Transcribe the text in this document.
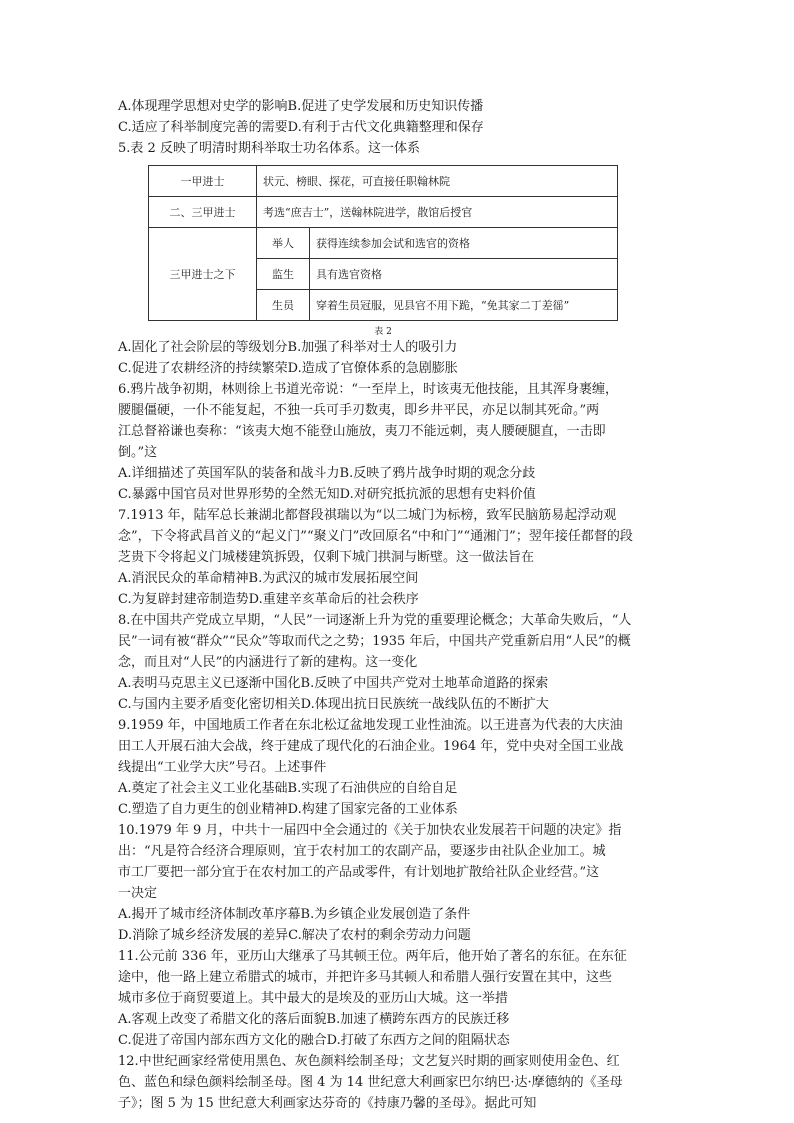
A.体现理学思想对史学的影响B.促进了史学发展和历史知识传播
C.适应了科举制度完善的需要D.有利于古代文化典籍整理和保存
5.表 2 反映了明清时期科举取士功名体系。这一体系
一甲进士	状元、榜眼、探花，可直接任职翰林院	
二、三甲进士	考选“庶吉士”，送翰林院进学，散馆后授官	
三甲进士之下	举人	获得连续参加会试和选官的资格
	监生	具有选官资格
	生员	穿着生员冠服，见县官不用下跪，“免其家二丁差徭”
表 2
A.固化了社会阶层的等级划分B.加强了科举对士人的吸引力
C.促进了农耕经济的持续繁荣D.造成了官僚体系的急剧膨胀
6.鸦片战争初期，林则徐上书道光帝说：“一至岸上，时该夷无他技能，且其浑身裹缠，
腰腿僵硬，一仆不能复起，不独一兵可手刃数夷，即乡井平民，亦足以制其死命。”两
江总督裕谦也奏称：“该夷大炮不能登山施放，夷刀不能远刺，夷人腰硬腿直，一击即
倒。”这
A.详细描述了英国军队的装备和战斗力B.反映了鸦片战争时期的观念分歧
C.暴露中国官员对世界形势的全然无知D.对研究抵抗派的思想有史料价值
7.1913 年，陆军总长兼湖北都督段祺瑞以为“以二城门为标榜，致军民脑筋易起浮动观
念”，下令将武昌首义的“起义门”“聚义门”改回原名“中和门”“通湘门”；翌年接任都督的段
芝贵下令将起义门城楼建筑拆毁，仅剩下城门拱洞与断壁。这一做法旨在
A.消泯民众的革命精神B.为武汉的城市发展拓展空间
C.为复辟封建帝制造势D.重建辛亥革命后的社会秩序
8.在中国共产党成立早期，“人民”一词逐渐上升为党的重要理论概念；大革命失败后，“人
民”一词有被“群众”“民众”等取而代之之势；1935 年后，中国共产党重新启用“人民”的概
念，而且对“人民”的内涵进行了新的建构。这一变化
A.表明马克思主义已逐渐中国化B.反映了中国共产党对土地革命道路的探索
C.与国内主要矛盾变化密切相关D.体现出抗日民族统一战线队伍的不断扩大
9.1959 年，中国地质工作者在东北松辽盆地发现工业性油流。以王进喜为代表的大庆油
田工人开展石油大会战，终于建成了现代化的石油企业。1964 年，党中央对全国工业战
线提出“工业学大庆”号召。上述事件
A.奠定了社会主义工业化基础B.实现了石油供应的自给自足
C.塑造了自力更生的创业精神D.构建了国家完备的工业体系
10.1979 年 9 月，中共十一届四中全会通过的《关于加快农业发展若干问题的决定》指
出：“凡是符合经济合理原则，宜于农村加工的农副产品，要逐步由社队企业加工。城
市工厂要把一部分宜于在农村加工的产品或零件，有计划地扩散给社队企业经营。”这
一决定
A.揭开了城市经济体制改革序幕B.为乡镇企业发展创造了条件
D.消除了城乡经济发展的差异C.解决了农村的剩余劳动力问题
11.公元前 336 年，亚历山大继承了马其顿王位。两年后，他开始了著名的东征。在东征
途中，他一路上建立希腊式的城市，并把许多马其顿人和希腊人强行安置在其中，这些
城市多位于商贸要道上。其中最大的是埃及的亚历山大城。这一举措
A.客观上改变了希腊文化的落后面貌B.加速了横跨东西方的民族迁移
C.促进了帝国内部东西方文化的融合D.打破了东西方之间的阻隔状态
12.中世纪画家经常使用黑色、灰色颜料绘制圣母；文艺复兴时期的画家则使用金色、红
色、蓝色和绿色颜料绘制圣母。图 4 为 14 世纪意大利画家巴尔纳巴·达·摩德纳的《圣母
子》；图 5 为 15 世纪意大利画家达芬奇的《持康乃馨的圣母》。据此可知
